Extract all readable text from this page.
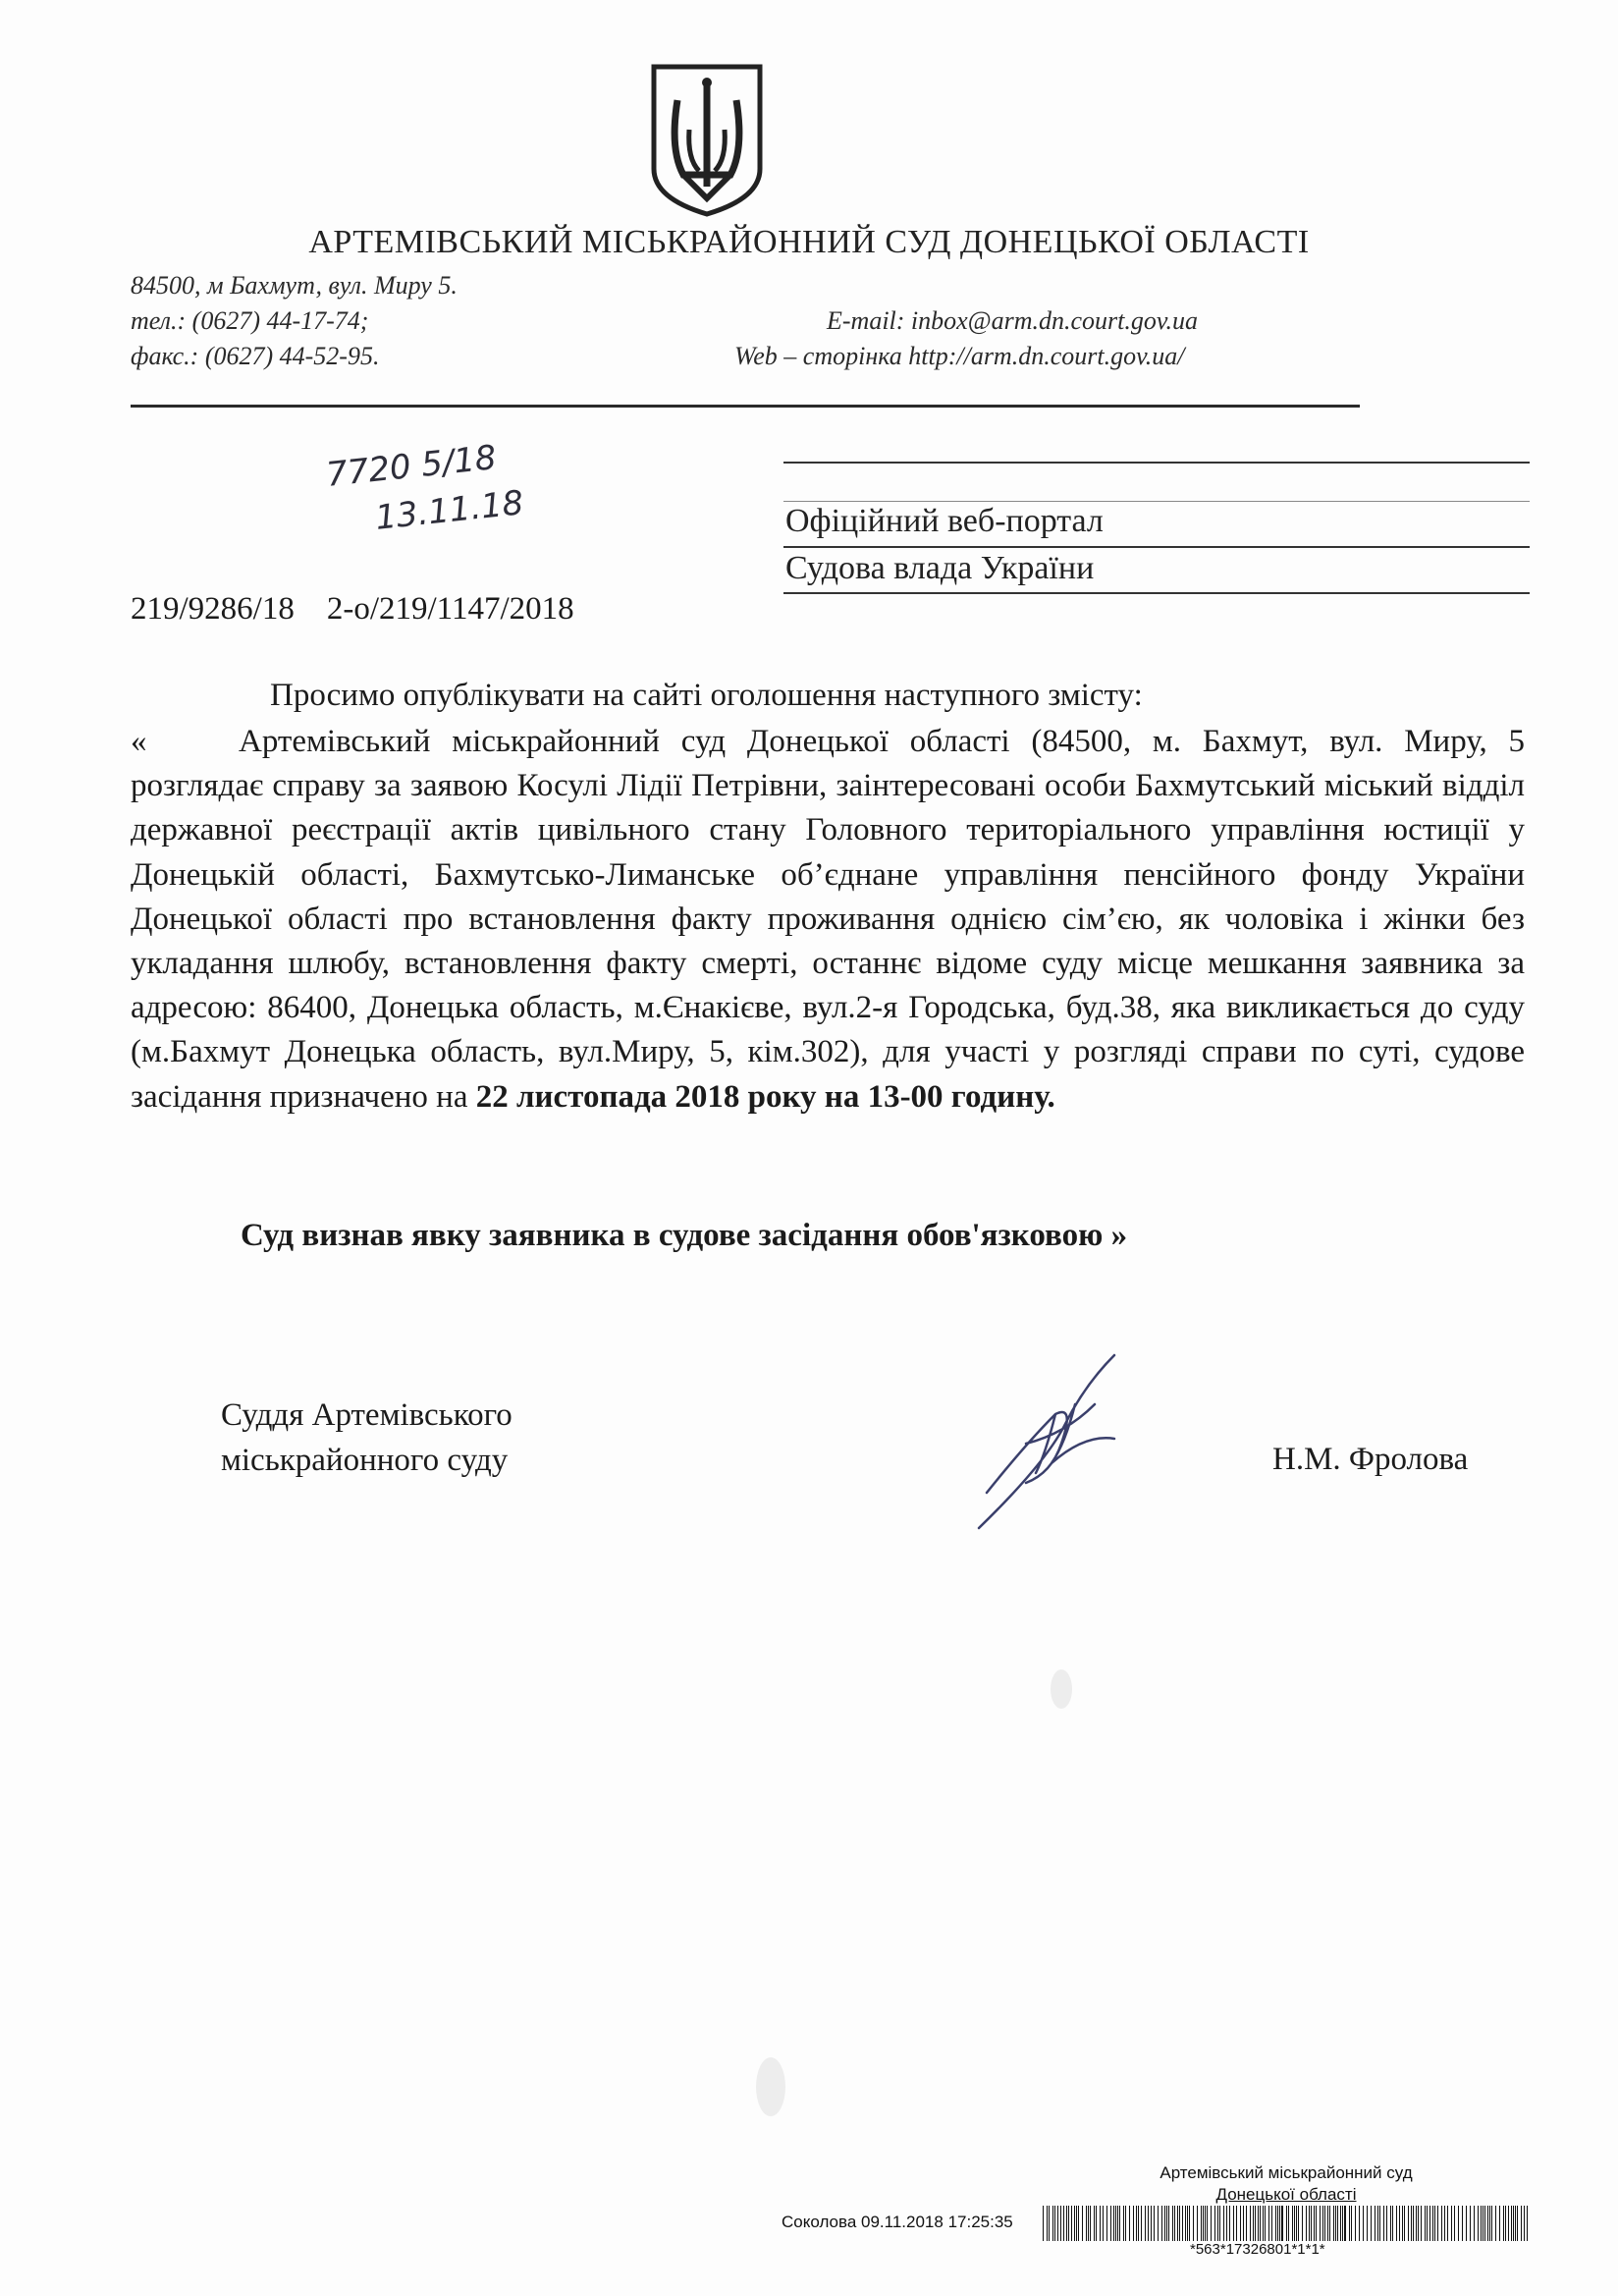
АРТЕМІВСЬКИЙ МІСЬКРАЙОННИЙ СУД ДОНЕЦЬКОЇ ОБЛАСТІ
84500, м Бахмут, вул. Миру 5.
тел.: (0627) 44-17-74;
факс.: (0627) 44-52-95.
E-mail: inbox@arm.dn.court.gov.ua
Web – сторінка http://arm.dn.court.gov.ua/
7720 5/18
13.11.18	Офіційний веб-портал
Судова влада України
219/9286/18    2-о/219/1147/2018
Просимо опублікувати на сайті оголошення наступного змісту:
«	Артемівський міськрайонний суд Донецької області (84500, м. Бахмут, вул. Миру, 5 розглядає справу за заявою Косулі Лідії Петрівни, заінтересовані особи Бахмутський міський відділ державної реєстрації актів цивільного стану Головного територіального управління юстиції у Донецькій області, Бахмутсько-Лиманське об’єднане управління пенсійного фонду України Донецької області про встановлення факту проживання однією сім’єю, як чоловіка і жінки без укладання шлюбу, встановлення факту смерті, останнє відоме суду місце мешкання заявника за адресою: 86400, Донецька область, м.Єнакієве, вул.2-я Городська, буд.38, яка викликається до суду (м.Бахмут Донецька область, вул.Миру, 5, кім.302), для участі у розгляді справи по суті, судове засідання призначено на 22 листопада 2018 року на 13-00 годину.
Суд визнав явку заявника в судове засідання обов'язковою »
Суддя Артемівського
міськрайонного суду	Н.М. Фролова
Артемівський міськрайонний суд
Донецької області
Соколова 09.11.2018 17:25:35
*563*17326801*1*1*
